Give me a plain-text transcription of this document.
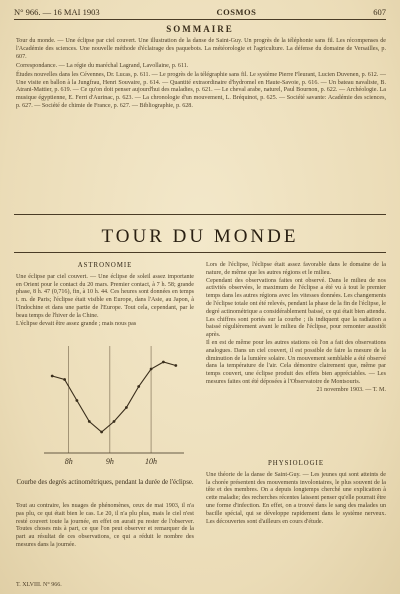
N° 966. — 16 MAI 1903	COSMOS	607
SOMMAIRE

Tour du monde. — Une éclipse par ciel couvert. Une illustration de la danse de Saint-Guy. Un progrès de la téléphonie sans fil. Les récompenses de l'Académie des sciences. Une nouvelle méthode d'éclairage des paquebots. La météorologie et l'agriculture. La défense du domaine de Versailles, p. 607.

Correspondance. — La régie du maréchal Lagrand, Lavollaine, p. 611.

Études nouvelles dans les Cévennes, Dr. Lucas, p. 611. — Le progrès de la télégraphie sans fil. Le système Pierre Fleurant, Lucien Duvenen, p. 612. — Une visite en ballon à la Jungfrau, Henri Souvaire, p. 614. — Quantité extraordinaire d'hydromel en Haute-Savoie, p. 616. — Un bateau navaliste, B. Atrani-Mattier, p. 619. — Ce qu'on doit penser aujourd'hui des maladies, p. 621. — Le cheval arabe, naturel, Paul Bournon, p. 622. — Archéologie. La musique égyptienne, E. Ferri d'Aurinac, p. 623. — La chronologie d'un mouvement, L. Bréquinot, p. 625. — Société savante: Académie des sciences, p. 627. — Société de chimie de France, p. 627. — Bibliographie, p. 628.

TOUR DU MONDE
ASTRONOMIE

Une éclipse par ciel couvert. — Une éclipse de soleil assez importante en Orient pour le contact du 20 mars. Premier contact, à 7 h. 58; grande phase, 8 h. 47 (0,716), fin, à 10 h. 44. Ces heures sont données en temps t. m. de Paris; l'éclipse était visible en Europe, dans l'Asie, au Japon, à l'Indochine et dans une partie de l'Europe. Tout cela, cependant, par le beau temps de l'hiver de la Chine.

L'éclipse devait être assez grande ; mais nous pas

8h	9h	10h
Courbe des degrés actinométriques, pendant la durée de l'éclipse.

Tout au contraire, les nuages de phénomènes, ceux de mai 1903, il n'a pas plu, ce qui était bien le cas. Le 20, il n'a plu plus, mais le ciel n'est resté couvert toute la journée, en effet on aurait pu rester de l'observer. Toutes choses mis à part, ce que l'on peut observer et remarquer de la part au résultat de ces observations, ce qui a réduit le nombre des mesures dans la journée.

Lors de l'éclipse, l'éclipse était assez favorable dans le domaine de la nature, de même que les autres régions et le milieu.

Cependant des observations faites ont observé. Dans le milieu de nos activités observées, le maximum de l'éclipse a été vu à tout le premier temps dans les autres régions avec les vitesses données. Les changements de l'éclipse totale ont été relevés, pendant la phase de la fin de l'éclipse, le degré actinométrique a considérablement baissé, ce qui était bien attendu. Les chiffres sont portés sur la courbe ; ils indiquent que la radiation a baissé régulièrement avant le milieu de l'éclipse, pour remonter aussitôt après.

Il en est de même pour les autres stations où l'on a fait des observations analogues. Dans un ciel couvert, il est possible de faire la mesure de la diminution de la lumière solaire. Un mouvement semblable a été observé dans la température de l'air. Cela démontre clairement que, même par temps couvert, une éclipse produit des effets bien appréciables. — Les mesures faites ont été déposées à l'Observatoire de Montsouris.

21 novembre 1903. — T. M.

PHYSIOLOGIE

Une théorie de la danse de Saint-Guy. — Les jeunes qui sont atteints de la chorée présentent des mouvements involontaires, le plus souvent de la tête et des membres. On a depuis longtemps cherché une explication à cette maladie; des recherches récentes laissent penser qu'elle pourrait être une forme d'infection. En effet, on a trouvé dans le sang des malades un bacille spécial, qui se développe rapidement dans le système nerveux. Les découvertes sont d'ailleurs en cours d'étude.

T. XLVIII. N° 966.
